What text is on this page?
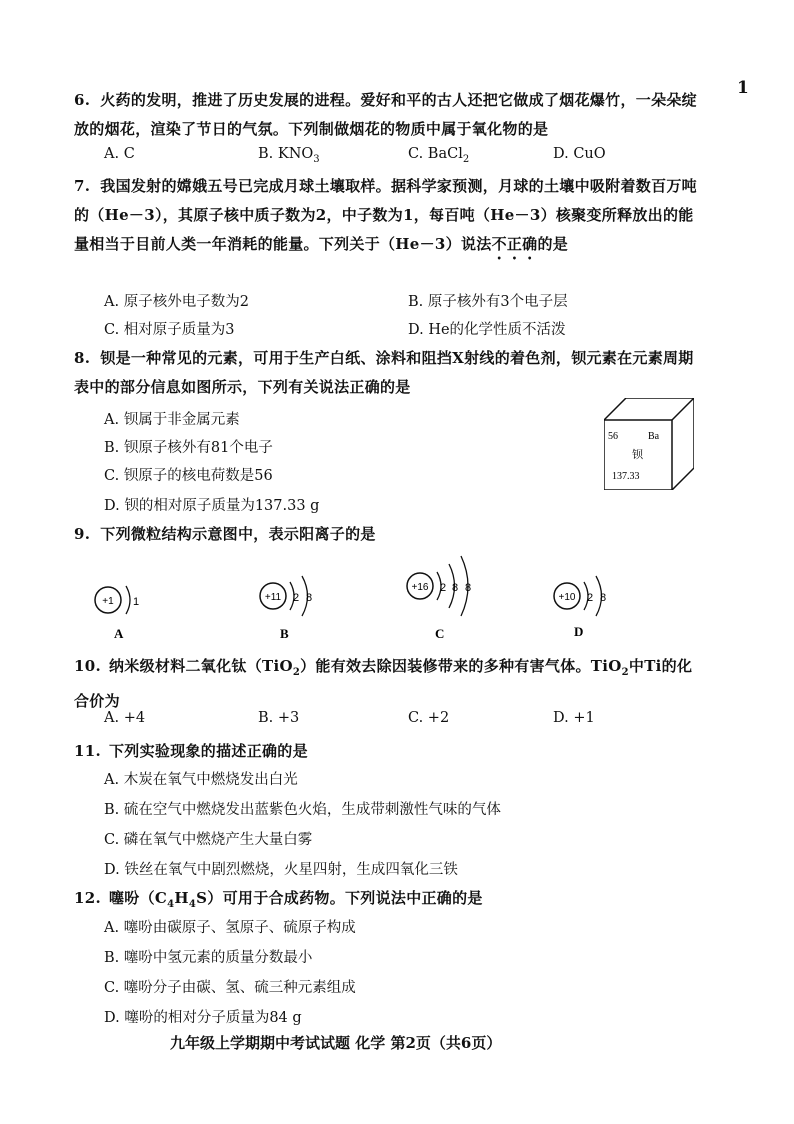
1
6. 火药的发明，推进了历史发展的进程。爱好和平的古人还把它做成了烟花爆竹，一朵朵绽放的烟花，渲染了节日的气氛。下列制做烟花的物质中属于氧化物的是
A. C	B. $KNO_3$	C. BaCl$_2$	D. CuO
7. 我国发射的嫦娥五号已完成月球土壤取样。据科学家预测，月球的土壤中吸附着数百万吨的（He－3），其原子核中质子数为2，中子数为1，每百吨（He－3）核聚变所释放出的能量相当于目前人类一年消耗的能量。下列关于（He－3）说法不正确的是
A. 原子核外电子数为2	B. 原子核外有3个电子层
C. 相对原子质量为3	D. He的化学性质不活泼
8. 钡是一种常见的元素，可用于生产白纸、涂料和阻挡X射线的着色剂，钡元素在元素周期表中的部分信息如图所示，下列有关说法正确的是
A. 钡属于非金属元素
B. 钡原子核外有81个电子
C. 钡原子的核电荷数是56
D. 钡的相对原子质量为137.33 g
56	Ba
钡
137.33
9. 下列微粒结构示意图中，表示阳离子的是
+1 1
A
+11 2 8
B
+16 2 8 8
C
+10 2 8
D
10. 纳米级材料二氧化钛（TiO$_2$）能有效去除因装修带来的多种有害气体。TiO$_2$中Ti的化合价为
A. +4	B. +3	C. +2	D. +1
11. 下列实验现象的描述正确的是
A. 木炭在氧气中燃烧发出白光
B. 硫在空气中燃烧发出蓝紫色火焰，生成带刺激性气味的气体
C. 磷在氧气中燃烧产生大量白雾
D. 铁丝在氧气中剧烈燃烧，火星四射，生成四氧化三铁
12. 噻吩$(C_4H_4S)$可用于合成药物。下列说法中正确的是
A. 噻吩由碳原子、氢原子、硫原子构成
B. 噻吩中氢元素的质量分数最小
C. 噻吩分子由碳、氢、硫三种元素组成
D. 噻吩的相对分子质量为84 g
九年级上学期期中考试试题 化学 第2页（共6页）
